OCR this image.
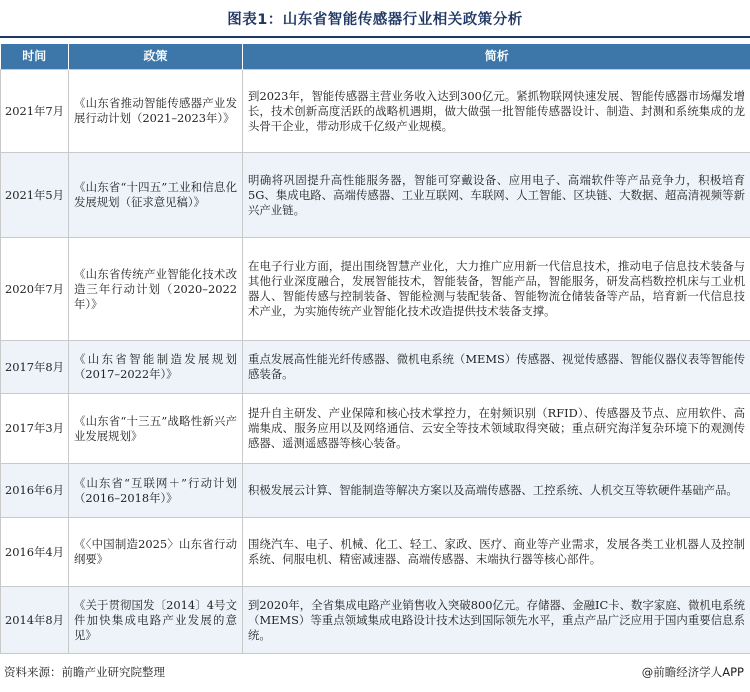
图表1：山东省智能传感器行业相关政策分析
时间	政策	简析
2021年7月	《山东省推动智能传感器产业发展行动计划（2021–2023年）》	到2023年，智能传感器主营业务收入达到300亿元。紧抓物联网快速发展、智能传感器市场爆发增长，技术创新高度活跃的战略机遇期，做大做强一批智能传感器设计、制造、封测和系统集成的龙头骨干企业，带动形成千亿级产业规模。
2021年5月	《山东省“十四五”工业和信息化发展规划（征求意见稿）》	明确将巩固提升高性能服务器，智能可穿戴设备、应用电子、高端软件等产品竞争力，积极培育5G、集成电路、高端传感器、工业互联网、车联网、人工智能、区块链、大数据、超高清视频等新兴产业链。
2020年7月	《山东省传统产业智能化技术改造三年行动计划（2020–2022年）》	在电子行业方面，提出围绕智慧产业化，大力推广应用新一代信息技术，推动电子信息技术装备与其他行业深度融合，发展智能技术，智能装备，智能产品，智能服务，研发高档数控机床与工业机器人、智能传感与控制装备、智能检测与装配装备、智能物流仓储装备等产品，培育新一代信息技术产业，为实施传统产业智能化技术改造提供技术装备支撑。
2017年8月	《山东省智能制造发展规划（2017–2022年）》	重点发展高性能光纤传感器、微机电系统（MEMS）传感器、视觉传感器、智能仪器仪表等智能传感装备。
2017年3月	《山东省“十三五”战略性新兴产业发展规划》	提升自主研发、产业保障和核心技术掌控力，在射频识别（RFID）、传感器及节点、应用软件、高端集成、服务应用以及网络通信、云安全等技术领域取得突破；重点研究海洋复杂环境下的观测传感器、遥测遥感器等核心装备。
2016年6月	《山东省“互联网＋”行动计划（2016–2018年）》	积极发展云计算、智能制造等解决方案以及高端传感器、工控系统、人机交互等软硬件基础产品。
2016年4月	《〈中国制造2025〉山东省行动纲要》	围绕汽车、电子、机械、化工、轻工、家政、医疗、商业等产业需求，发展各类工业机器人及控制系统、伺服电机、精密减速器、高端传感器、末端执行器等核心部件。
2014年8月	《关于贯彻国发〔2014〕4号文件加快集成电路产业发展的意见》	到2020年，全省集成电路产业销售收入突破800亿元。存储器、金融IC卡、数字家庭、微机电系统（MEMS）等重点领域集成电路设计技术达到国际领先水平，重点产品广泛应用于国内重要信息系统。
资料来源：前瞻产业研究院整理	@前瞻经济学人APP
